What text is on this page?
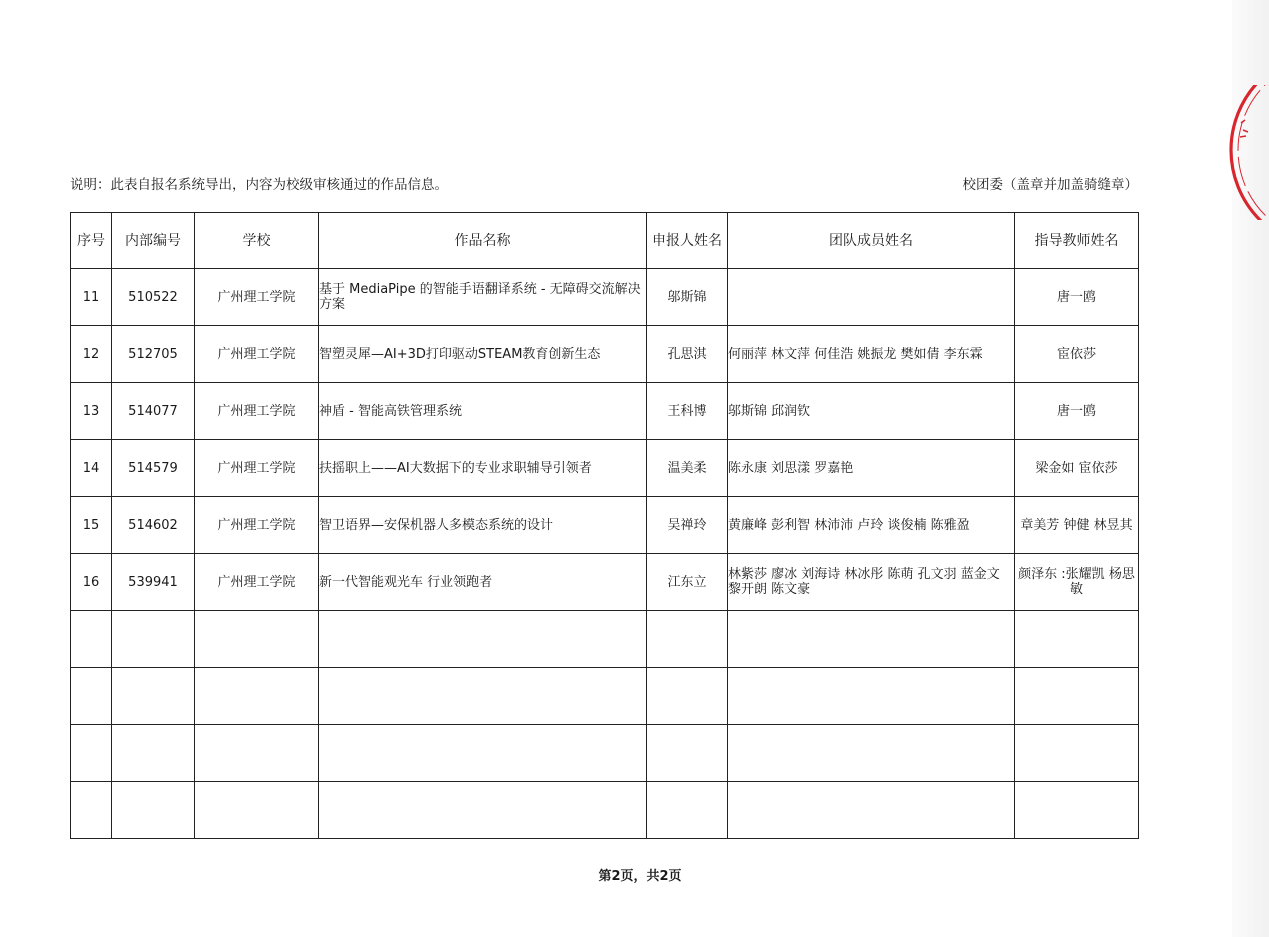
说明：此表自报名系统导出，内容为校级审核通过的作品信息。	校团委（盖章并加盖骑缝章）
序号	内部编号	学校	作品名称	申报人姓名	团队成员姓名	指导教师姓名
11	510522	广州理工学院	基于 MediaPipe 的智能手语翻译系统 - 无障碍交流解决方案	邬斯锦		唐一鸥
12	512705	广州理工学院	智塑灵犀—AI+3D打印驱动STEAM教育创新生态	孔思淇	何丽萍 林文萍 何佳浩 姚振龙 樊如倩 李东霖	宦依莎
13	514077	广州理工学院	神盾 - 智能高铁管理系统	王科博	邬斯锦 邱润钦	唐一鸥
14	514579	广州理工学院	扶摇职上——AI大数据下的专业求职辅导引领者	温美柔	陈永康 刘思漾 罗嘉艳	梁金如 宦依莎
15	514602	广州理工学院	智卫语界—安保机器人多模态系统的设计	吴禅玲	黄廉峰 彭利智 林沛沛 卢玲 谈俊楠 陈雅盈	章美芳 钟健 林昱其
16	539941	广州理工学院	新一代智能观光车 行业领跑者	江东立	林紫莎 廖冰 刘海诗 林冰彤 陈萌 孔文羽 蓝金文 黎开朗 陈文豪	颜泽东 :张耀凯 杨思敏

第2页，共2页
